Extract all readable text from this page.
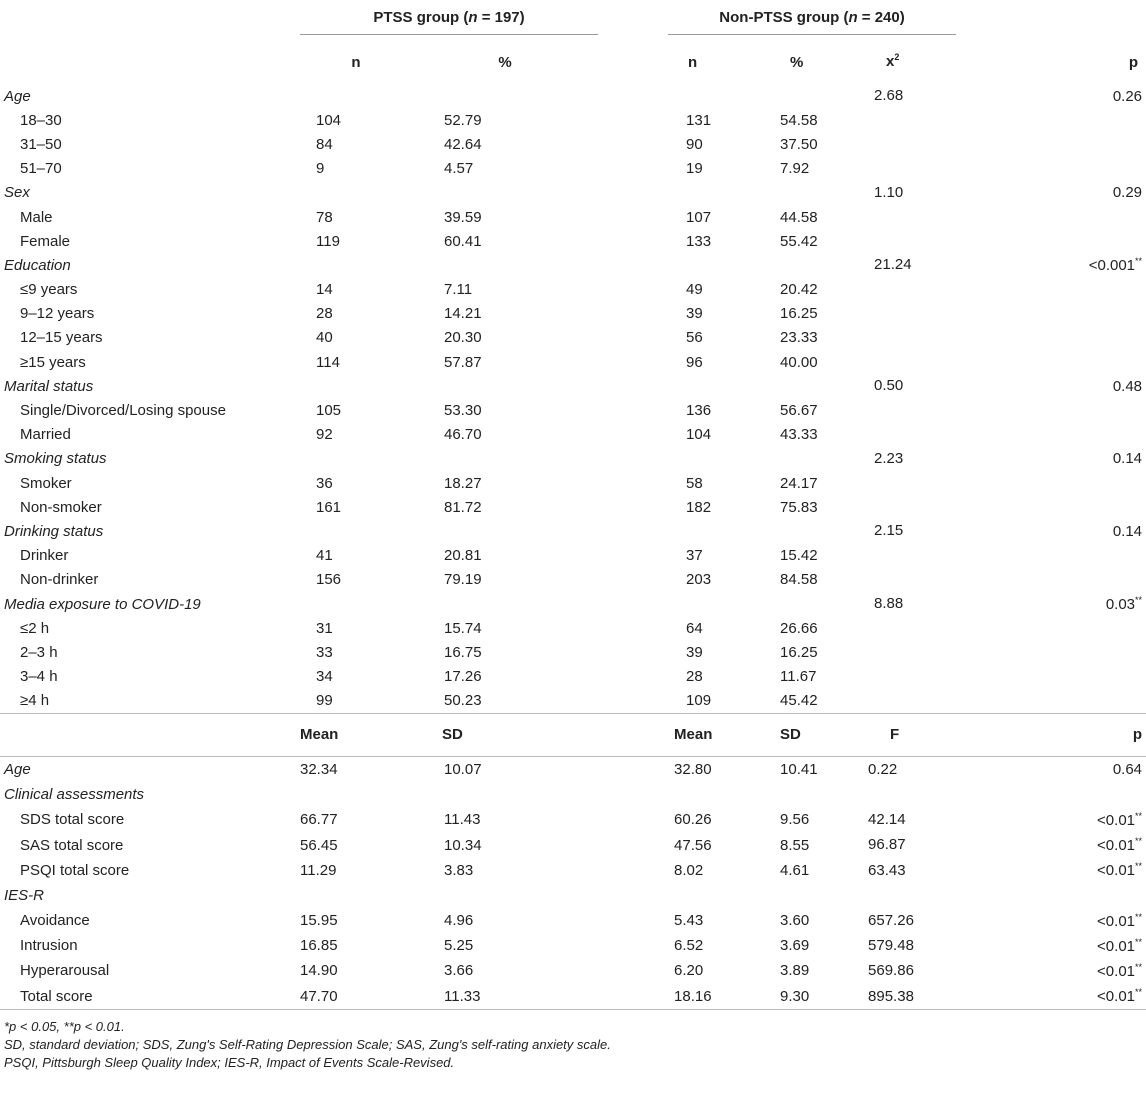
	PTSS group (n = 197)			Non-PTSS group (n = 240)		

	n	%		n	%	$x^2$ p
Age						2.68 0.26
18–30	104	52.79		131	54.58	
31–50	84	42.64		90	37.50	
51–70	9	4.57		19	7.92	
Sex						1.10 0.29
Male	78	39.59		107	44.58	
Female	119	60.41		133	55.42	
Education						21.24 <0.001**
≤9 years	14	7.11		49	20.42	
9–12 years	28	14.21		39	16.25	
12–15 years	40	20.30		56	23.33	
≥15 years	114	57.87		96	40.00	
Marital status						0.50 0.48
Single/Divorced/Losing spouse	105	53.30		136	56.67	
Married	92	46.70		104	43.33	
Smoking status						2.23 0.14
Smoker	36	18.27		58	24.17	
Non-smoker	161	81.72		182	75.83	
Drinking status						2.15 0.14
Drinker	41	20.81		37	15.42	
Non-drinker	156	79.19		203	84.58	
Media exposure to COVID-19						8.88 0.03**
≤2 h	31	15.74		64	26.66	
2–3 h	33	16.75		39	16.25	
3–4 h	34	17.26		28	11.67	
≥4 h	99	50.23		109	45.42	
	Mean	SD		Mean	SD	F p
Age	32.34	10.07		32.80	10.41	0.22 0.64
Clinical assessments						
SDS total score	66.77	11.43		60.26	9.56	42.14 <0.01**
SAS total score	56.45	10.34		47.56	8.55	96.87 <0.01**
PSQI total score	11.29	3.83		8.02	4.61	63.43 <0.01**
IES-R						
Avoidance	15.95	4.96		5.43	3.60	657.26 <0.01**
Intrusion	16.85	5.25		6.52	3.69	579.48 <0.01**
Hyperarousal	14.90	3.66		6.20	3.89	569.86 <0.01**
Total score	47.70	11.33		18.16	9.30	895.38 <0.01**
*p < 0.05, **p < 0.01.
SD, standard deviation; SDS, Zung's Self-Rating Depression Scale; SAS, Zung's self-rating anxiety scale.
PSQI, Pittsburgh Sleep Quality Index; IES-R, Impact of Events Scale-Revised.
